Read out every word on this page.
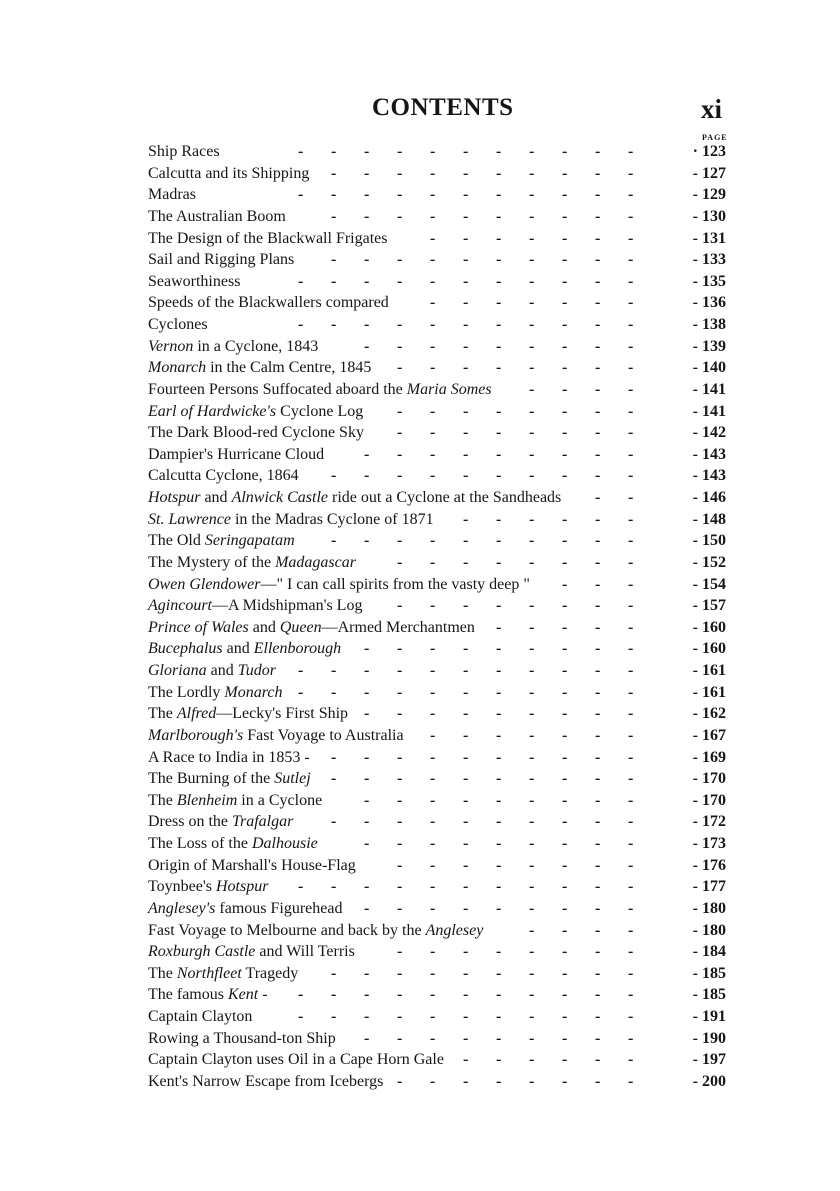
CONTENTS	xi
PAGE
- - - - - - - - - - -
Ship Races	· 123
- - - - - - - - - -
Calcutta and its Shipping	- 127
- - - - - - - - - - -
Madras	- 129
- - - - - - - - - -
The Australian Boom	- 130
- - - - - - -
The Design of the Blackwall Frigates	- 131
- - - - - - - - - -
Sail and Rigging Plans	- 133
- - - - - - - - - - -
Seaworthiness	- 135
- - - - - - -
Speeds of the Blackwallers compared	- 136
- - - - - - - - - - -
Cyclones	- 138
- - - - - - - - -
Vernon in a Cyclone, 1843	- 139
- - - - - - - -
Monarch in the Calm Centre, 1845	- 140
- - - -
Fourteen Persons Suffocated aboard the Maria Somes	- 141
- - - - - - - -
Earl of Hardwicke's Cyclone Log	- 141
- - - - - - - -
The Dark Blood-red Cyclone Sky	- 142
- - - - - - - - -
Dampier's Hurricane Cloud	- 143
- - - - - - - - - -
Calcutta Cyclone, 1864	- 143
- -
Hotspur and Alnwick Castle ride out a Cyclone at the Sandheads	- 146
- - - - - -
St. Lawrence in the Madras Cyclone of 1871	- 148
- - - - - - - - - -
The Old Seringapatam	- 150
- - - - - - - -
The Mystery of the Madagascar	- 152
- - -
Owen Glendower—" I can call spirits from the vasty deep "	- 154
- - - - - - - -
Agincourt—A Midshipman's Log	- 157
- - - - -
Prince of Wales and Queen—Armed Merchantmen	- 160
- - - - - - - - -
Bucephalus and Ellenborough	- 160
- - - - - - - - - - -
Gloriana and Tudor	- 161
- - - - - - - - - - -
The Lordly Monarch	- 161
- - - - - - - - -
The Alfred—Lecky's First Ship	- 162
- - - - - - -
Marlborough's Fast Voyage to Australia	- 167
- - - - - - - - - -
A Race to India in 1853 -	- 169
- - - - - - - - - -
The Burning of the Sutlej	- 170
- - - - - - - - -
The Blenheim in a Cyclone	- 170
- - - - - - - - - -
Dress on the Trafalgar	- 172
- - - - - - - - -
The Loss of the Dalhousie	- 173
- - - - - - - -
Origin of Marshall's House-Flag	- 176
- - - - - - - - - - -
Toynbee's Hotspur	- 177
- - - - - - - - -
Anglesey's famous Figurehead	- 180
- - - -
Fast Voyage to Melbourne and back by the Anglesey	- 180
- - - - - - - -
Roxburgh Castle and Will Terris	- 184
- - - - - - - - - -
The Northfleet Tragedy	- 185
- - - - - - - - - - -
The famous Kent -	- 185
- - - - - - - - - - -
Captain Clayton	- 191
- - - - - - - - -
Rowing a Thousand-ton Ship	- 190
- - - - - -
Captain Clayton uses Oil in a Cape Horn Gale	- 197
- - - - - - - -
Kent's Narrow Escape from Icebergs	- 200
